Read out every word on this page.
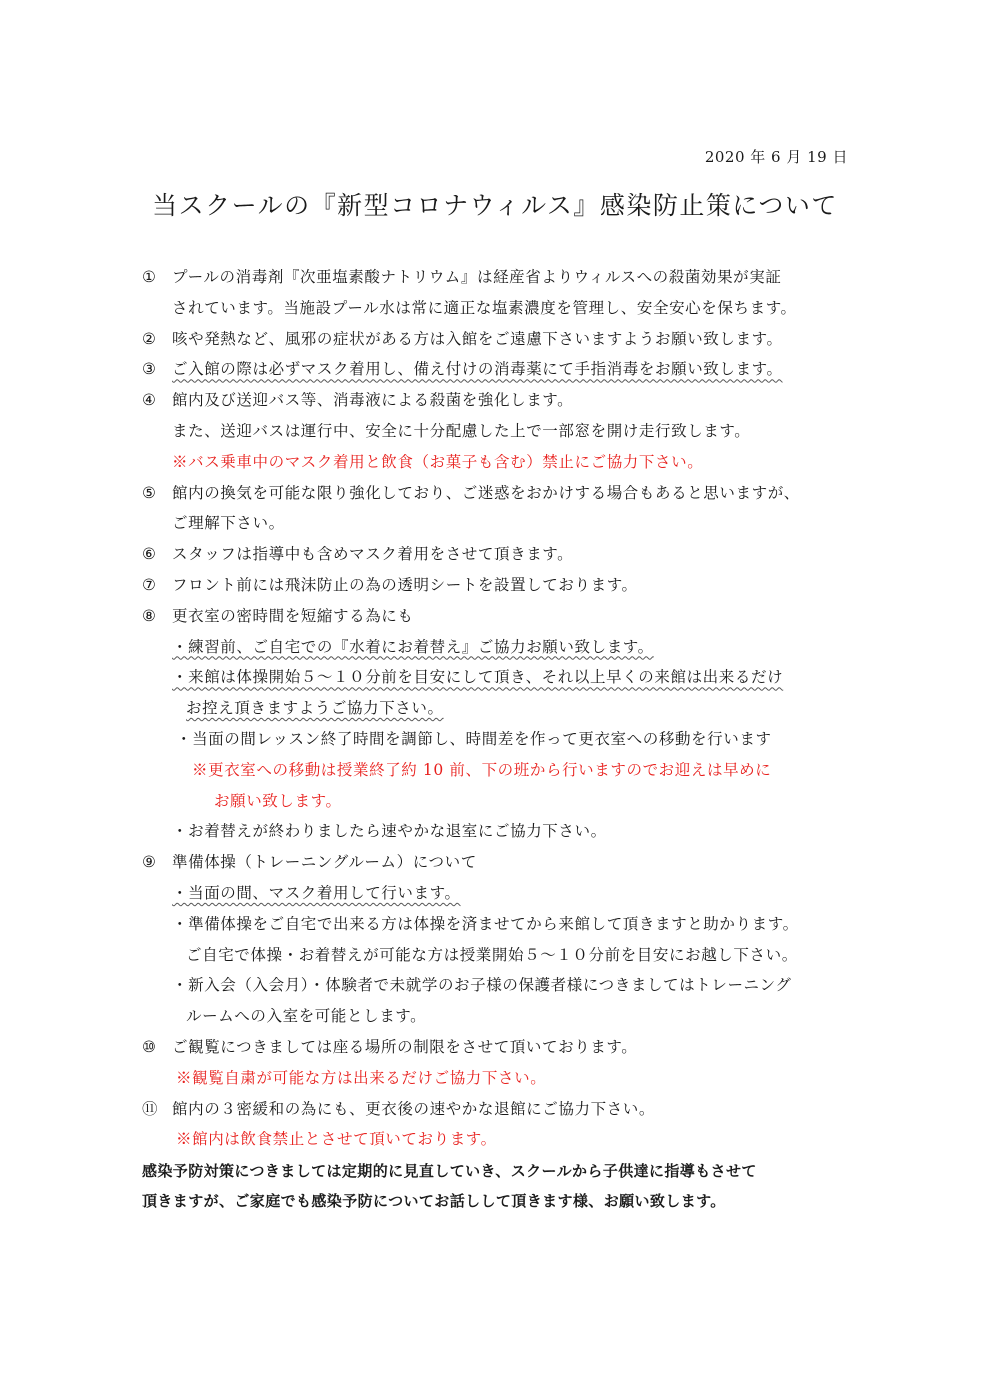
2020 年 6 月 19 日
当スクールの『新型コロナウィルス』感染防止策について
①	プールの消毒剤『次亜塩素酸ナトリウム』は経産省よりウィルスへの殺菌効果が実証
されています。当施設プール水は常に適正な塩素濃度を管理し、安全安心を保ちます。
②	咳や発熱など、風邪の症状がある方は入館をご遠慮下さいますようお願い致します。
③	ご入館の際は必ずマスク着用し、備え付けの消毒薬にて手指消毒をお願い致します。
④	館内及び送迎バス等、消毒液による殺菌を強化します。
また、送迎バスは運行中、安全に十分配慮した上で一部窓を開け走行致します。
※バス乗車中のマスク着用と飲食（お菓子も含む）禁止にご協力下さい。
⑤	館内の換気を可能な限り強化しており、ご迷惑をおかけする場合もあると思いますが、
ご理解下さい。
⑥	スタッフは指導中も含めマスク着用をさせて頂きます。
⑦	フロント前には飛沫防止の為の透明シートを設置しております。
⑧	更衣室の密時間を短縮する為にも
・練習前、ご自宅での『水着にお着替え』ご協力お願い致します。
・来館は体操開始５～１０分前を目安にして頂き、それ以上早くの来館は出来るだけ
お控え頂きますようご協力下さい。
・当面の間レッスン終了時間を調節し、時間差を作って更衣室への移動を行います
※更衣室への移動は授業終了約 10 前、下の班から行いますのでお迎えは早めに
お願い致します。
・お着替えが終わりましたら速やかな退室にご協力下さい。
⑨	準備体操（トレーニングルーム）について
・当面の間、マスク着用して行います。
・準備体操をご自宅で出来る方は体操を済ませてから来館して頂きますと助かります。
ご自宅で体操・お着替えが可能な方は授業開始５～１０分前を目安にお越し下さい。
・新入会（入会月）・体験者で未就学のお子様の保護者様につきましてはトレーニング
ルームへの入室を可能とします。
⑩	ご観覧につきましては座る場所の制限をさせて頂いております。
※観覧自粛が可能な方は出来るだけご協力下さい。
⑪ 館内の３密緩和の為にも、更衣後の速やかな退館にご協力下さい。
※館内は飲食禁止とさせて頂いております。
感染予防対策につきましては定期的に見直していき、スクールから子供達に指導もさせて
頂きますが、ご家庭でも感染予防についてお話しして頂きます様、お願い致します。
